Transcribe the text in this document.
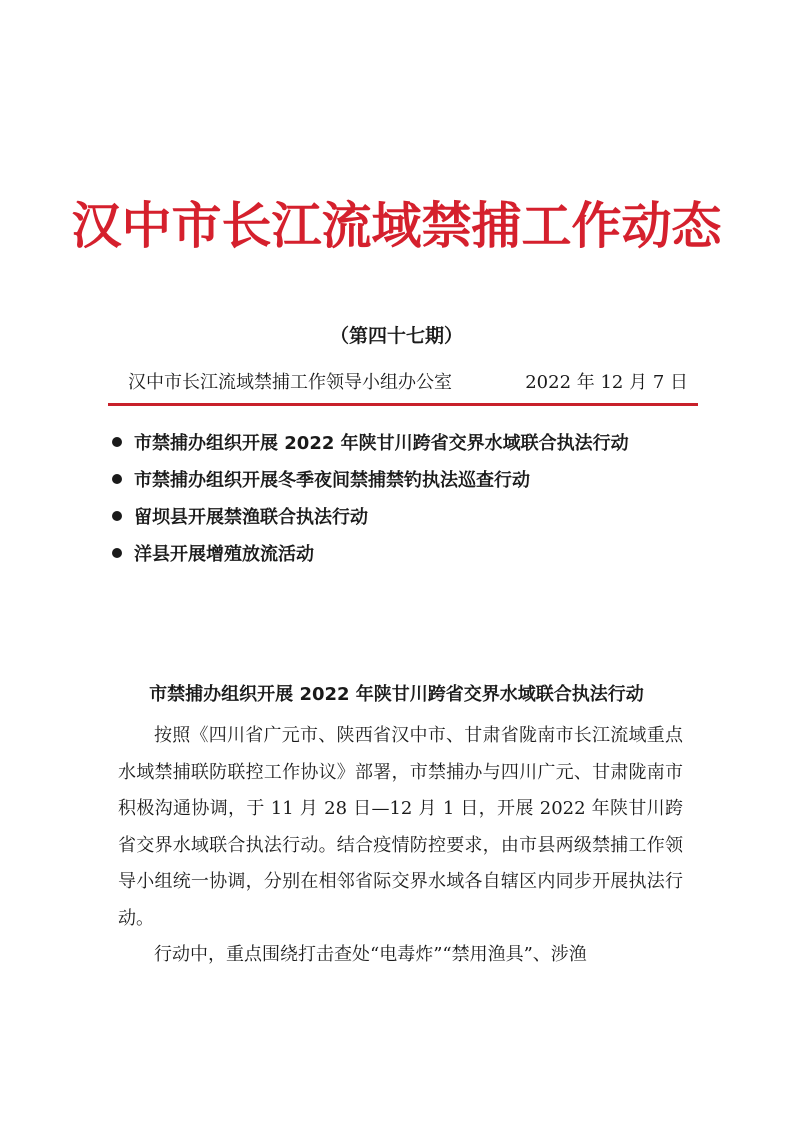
汉中市长江流域禁捕工作动态
（第四十七期）
汉中市长江流域禁捕工作领导小组办公室	2022 年 12 月 7 日
市禁捕办组织开展 2022 年陕甘川跨省交界水域联合执法行动
市禁捕办组织开展冬季夜间禁捕禁钓执法巡查行动
留坝县开展禁渔联合执法行动
洋县开展增殖放流活动
市禁捕办组织开展 2022 年陕甘川跨省交界水域联合执法行动

按照《四川省广元市、陕西省汉中市、甘肃省陇南市长江流域重点水域禁捕联防联控工作协议》部署，市禁捕办与四川广元、甘肃陇南市积极沟通协调，于 11 月 28 日—12 月 1 日，开展 2022 年陕甘川跨省交界水域联合执法行动。结合疫情防控要求，由市县两级禁捕工作领导小组统一协调，分别在相邻省际交界水域各自辖区内同步开展执法行动。

行动中，重点围绕打击查处“电毒炸”“禁用渔具”、涉渔
